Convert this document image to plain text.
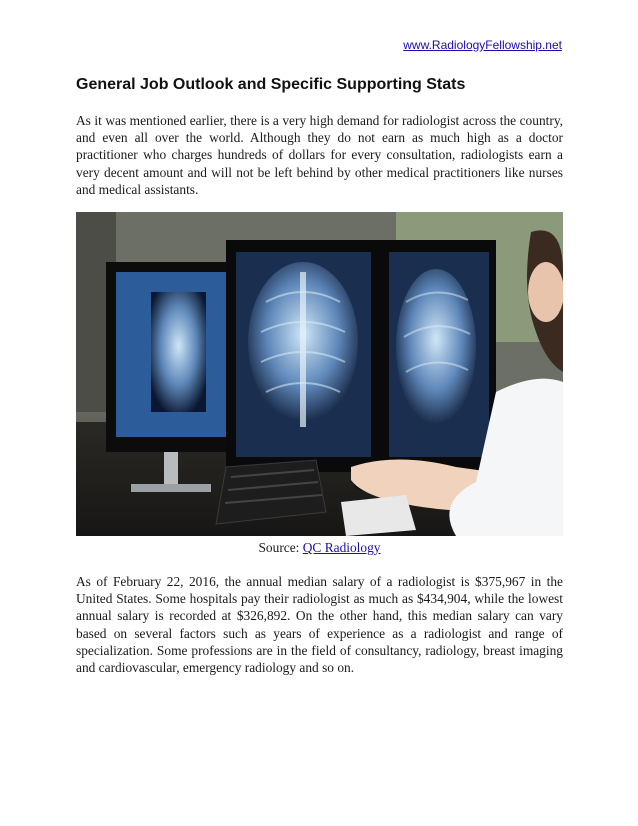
www.RadiologyFellowship.net
General Job Outlook and Specific Supporting Stats

As it was mentioned earlier, there is a very high demand for radiologist across the country, and even all over the world. Although they do not earn as much high as a doctor practitioner who charges hundreds of dollars for every consultation, radiologists earn a very decent amount and will not be left behind by other medical practitioners like nurses and medical assistants.

Source: QC Radiology

As of February 22, 2016, the annual median salary of a radiologist is $375,967 in the United States. Some hospitals pay their radiologist as much as $434,904, while the lowest annual salary is recorded at $326,892. On the other hand, this median salary can vary based on several factors such as years of experience as a radiologist and range of specialization. Some professions are in the field of consultancy, radiology, breast imaging and cardiovascular, emergency radiology and so on.
